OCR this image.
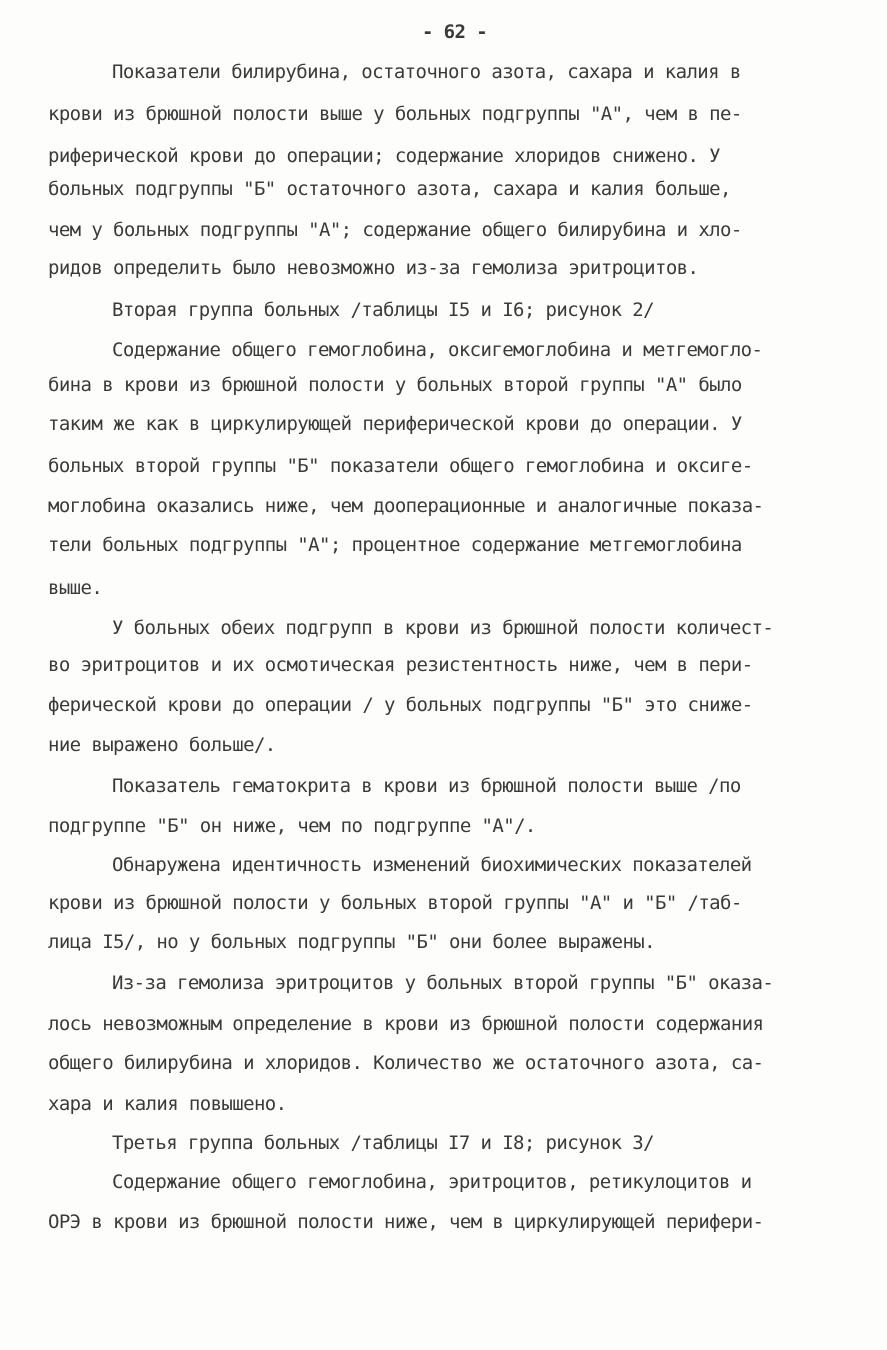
- 62 -
Показатели билирубина, остаточного азота, сахара и калия в
крови из брюшной полости выше у больных подгруппы "А", чем в пе-
риферической крови до операции; содержание хлоридов снижено. У
больных подгруппы "Б" остаточного азота, сахара и калия больше,
чем у больных подгруппы "А"; содержание общего билирубина и хло-
ридов определить было невозможно из-за гемолиза эритроцитов.
Вторая группа больных /таблицы I5 и I6; рисунок 2/
Содержание общего гемоглобина, оксигемоглобина и метгемогло-
бина в крови из брюшной полости у больных второй группы "А" было
таким же как в циркулирующей периферической крови до операции. У
больных второй группы "Б" показатели общего гемоглобина и оксиге-
моглобина оказались ниже, чем дооперационные и аналогичные показа-
тели больных подгруппы "А"; процентное содержание метгемоглобина
выше.
У больных обеих подгрупп в крови из брюшной полости количест-
во эритроцитов и их осмотическая резистентность ниже, чем в пери-
ферической крови до операции / у больных подгруппы "Б" это сниже-
ние выражено больше/.
Показатель гематокрита в крови из брюшной полости выше /по
подгруппе "Б" он ниже, чем по подгруппе "А"/.
Обнаружена идентичность изменений биохимических показателей
крови из брюшной полости у больных второй группы "А" и "Б" /таб-
лица I5/, но у больных подгруппы "Б" они более выражены.
Из-за гемолиза эритроцитов у больных второй группы "Б" оказа-
лось невозможным определение в крови из брюшной полости содержания
общего билирубина и хлоридов. Количество же остаточного азота, са-
хара и калия повышено.
Третья группа больных /таблицы I7 и I8; рисунок 3/
Содержание общего гемоглобина, эритроцитов, ретикулоцитов и
ОРЭ в крови из брюшной полости ниже, чем в циркулирующей перифери-
